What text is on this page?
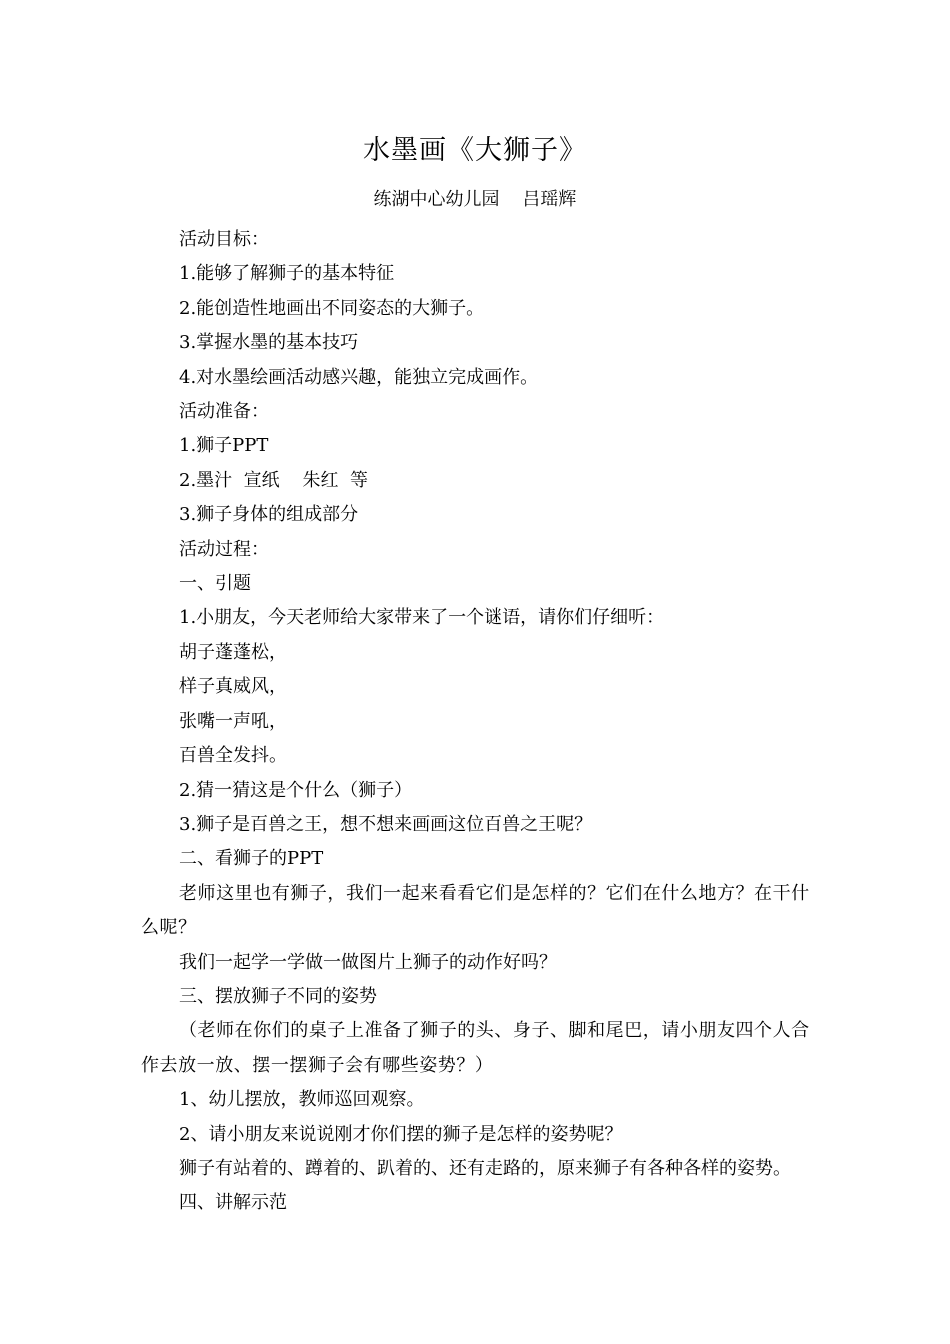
水墨画《大狮子》
练湖中心幼儿园    吕瑶辉

活动目标：

1.能够了解狮子的基本特征

2.能创造性地画出不同姿态的大狮子。

3.掌握水墨的基本技巧

4.对水墨绘画活动感兴趣，能独立完成画作。

活动准备：

1.狮子PPT

2.墨汁  宣纸    朱红  等

3.狮子身体的组成部分

活动过程：

一、引题

1.小朋友，今天老师给大家带来了一个谜语，请你们仔细听：

胡子蓬蓬松，

样子真威风，

张嘴一声吼，

百兽全发抖。

2.猜一猜这是个什么（狮子）

3.狮子是百兽之王，想不想来画画这位百兽之王呢？

二、看狮子的PPT

老师这里也有狮子，我们一起来看看它们是怎样的？它们在什么地方？在干什么呢？

我们一起学一学做一做图片上狮子的动作好吗？

三、摆放狮子不同的姿势

（老师在你们的桌子上准备了狮子的头、身子、脚和尾巴，请小朋友四个人合作去放一放、摆一摆狮子会有哪些姿势？）

1、幼儿摆放，教师巡回观察。

2、请小朋友来说说刚才你们摆的狮子是怎样的姿势呢？

狮子有站着的、蹲着的、趴着的、还有走路的，原来狮子有各种各样的姿势。

四、讲解示范
